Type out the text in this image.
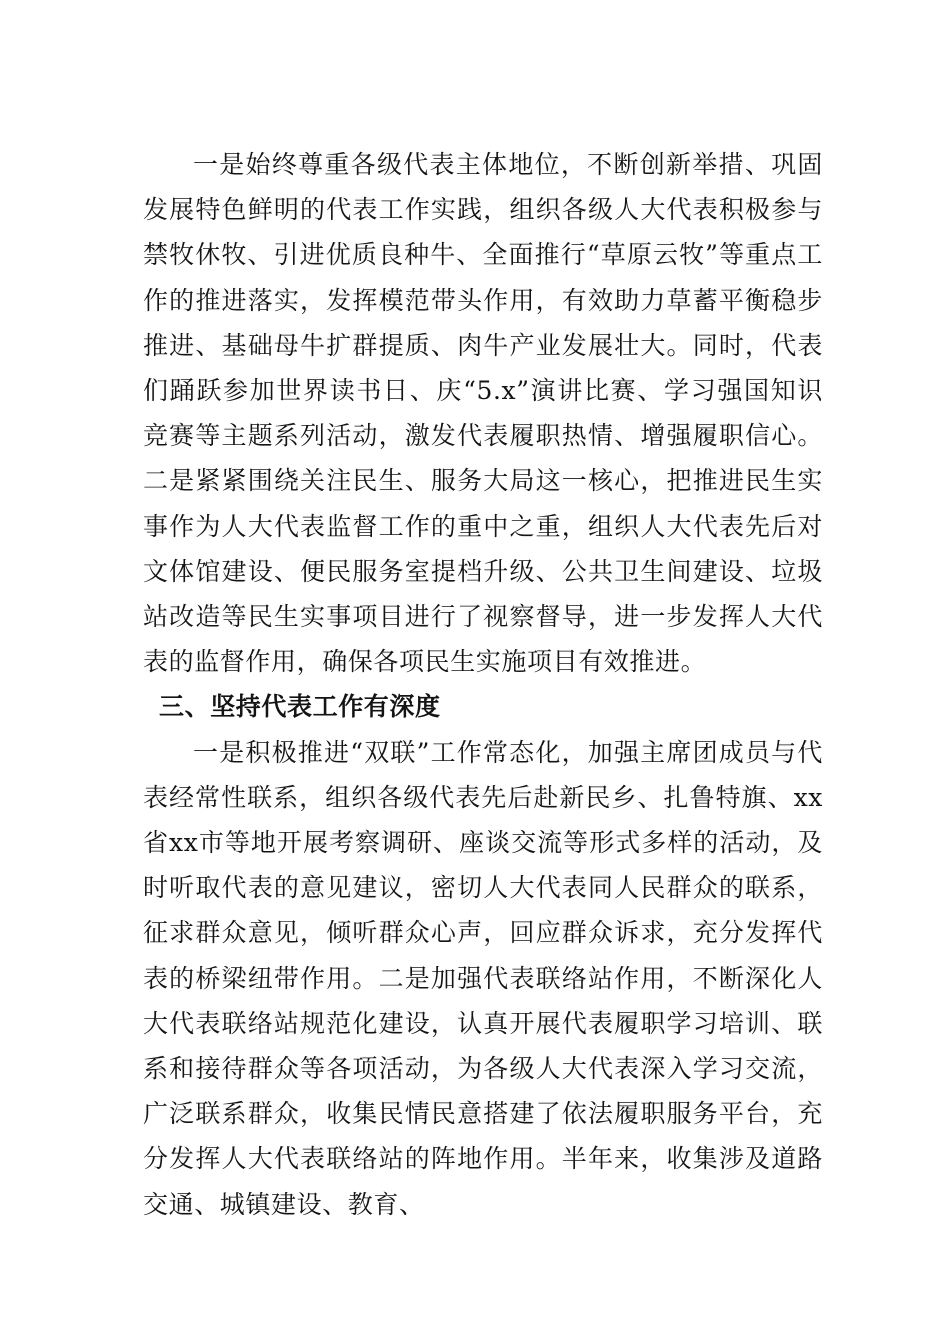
一是始终尊重各级代表主体地位，不断创新举措、巩固发展特色鲜明的代表工作实践，组织各级人大代表积极参与禁牧休牧、引进优质良种牛、全面推行“草原云牧”等重点工作的推进落实，发挥模范带头作用，有效助力草蓄平衡稳步推进、基础母牛扩群提质、肉牛产业发展壮大。同时，代表们踊跃参加世界读书日、庆“5.x”演讲比赛、学习强国知识竞赛等主题系列活动，激发代表履职热情、增强履职信心。二是紧紧围绕关注民生、服务大局这一核心，把推进民生实事作为人大代表监督工作的重中之重，组织人大代表先后对文体馆建设、便民服务室提档升级、公共卫生间建设、垃圾站改造等民生实事项目进行了视察督导，进一步发挥人大代表的监督作用，确保各项民生实施项目有效推进。

三、坚持代表工作有深度

一是积极推进“双联”工作常态化，加强主席团成员与代表经常性联系，组织各级代表先后赴新民乡、扎鲁特旗、xx省xx市等地开展考察调研、座谈交流等形式多样的活动，及时听取代表的意见建议，密切人大代表同人民群众的联系，征求群众意见，倾听群众心声，回应群众诉求，充分发挥代表的桥梁纽带作用。二是加强代表联络站作用，不断深化人大代表联络站规范化建设，认真开展代表履职学习培训、联系和接待群众等各项活动，为各级人大代表深入学习交流，广泛联系群众，收集民情民意搭建了依法履职服务平台，充分发挥人大代表联络站的阵地作用。半年来，收集涉及道路交通、城镇建设、教育、
